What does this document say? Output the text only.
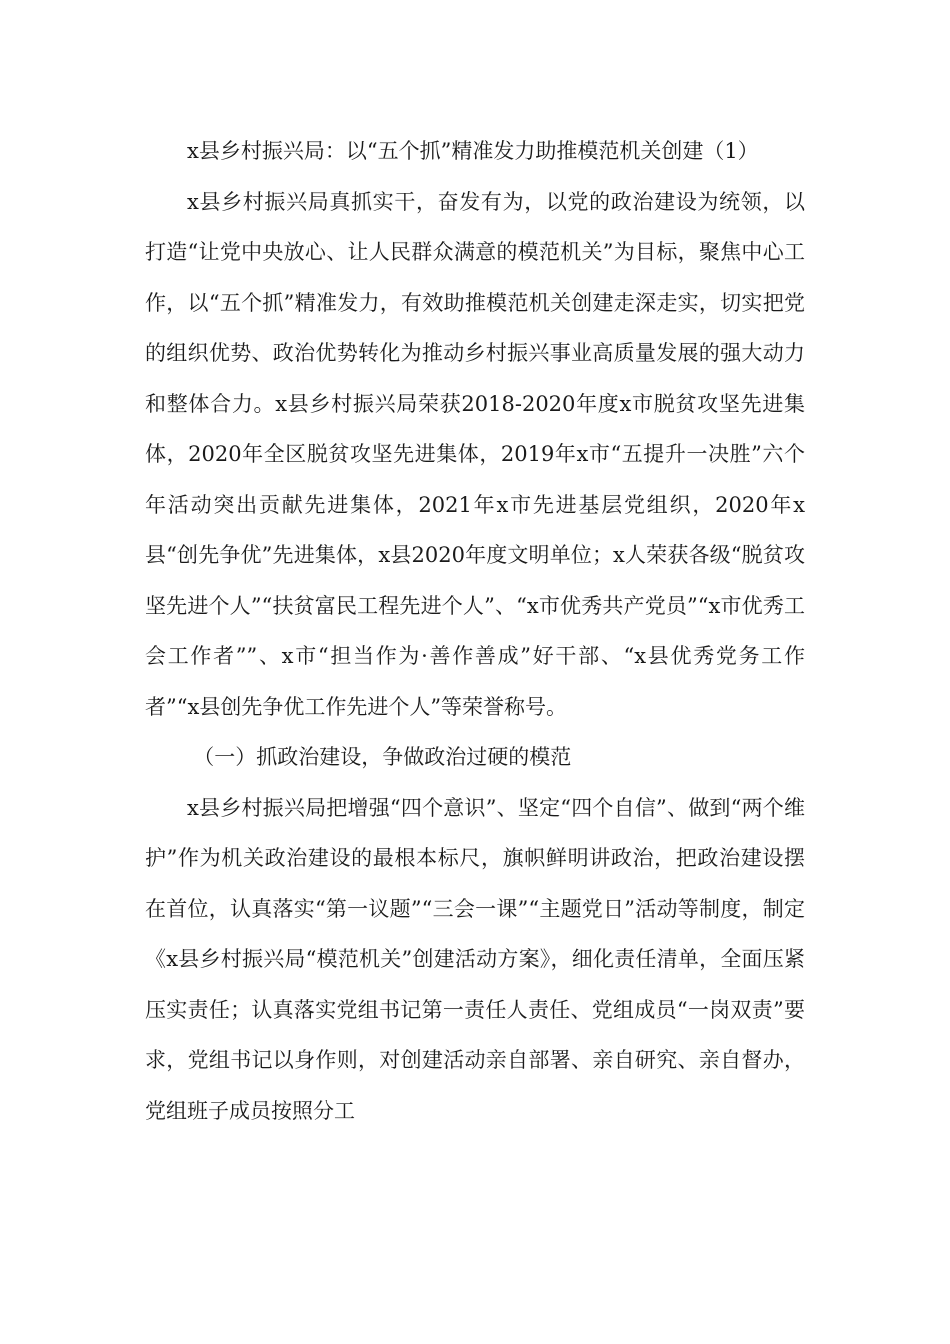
x县乡村振兴局：以“五个抓”精准发力助推模范机关创建（1）

x县乡村振兴局真抓实干，奋发有为，以党的政治建设为统领，以打造“让党中央放心、让人民群众满意的模范机关”为目标，聚焦中心工作，以“五个抓”精准发力，有效助推模范机关创建走深走实，切实把党的组织优势、政治优势转化为推动乡村振兴事业高质量发展的强大动力和整体合力。x县乡村振兴局荣获2018-2020年度x市脱贫攻坚先进集体，2020年全区脱贫攻坚先进集体，2019年x市“五提升一决胜”六个年活动突出贡献先进集体，2021年x市先进基层党组织，2020年x县“创先争优”先进集体，x县2020年度文明单位；x人荣获各级“脱贫攻坚先进个人”“扶贫富民工程先进个人”、“x市优秀共产党员”“x市优秀工会工作者””、x市“担当作为·善作善成”好干部、“x县优秀党务工作者”“x县创先争优工作先进个人”等荣誉称号。

（一）抓政治建设，争做政治过硬的模范

x县乡村振兴局把增强“四个意识”、坚定“四个自信”、做到“两个维护”作为机关政治建设的最根本标尺，旗帜鲜明讲政治，把政治建设摆在首位，认真落实“第一议题”“三会一课”“主题党日”活动等制度，制定《x县乡村振兴局“模范机关”创建活动方案》，细化责任清单，全面压紧压实责任；认真落实党组书记第一责任人责任、党组成员“一岗双责”要求，党组书记以身作则，对创建活动亲自部署、亲自研究、亲自督办，党组班子成员按照分工
